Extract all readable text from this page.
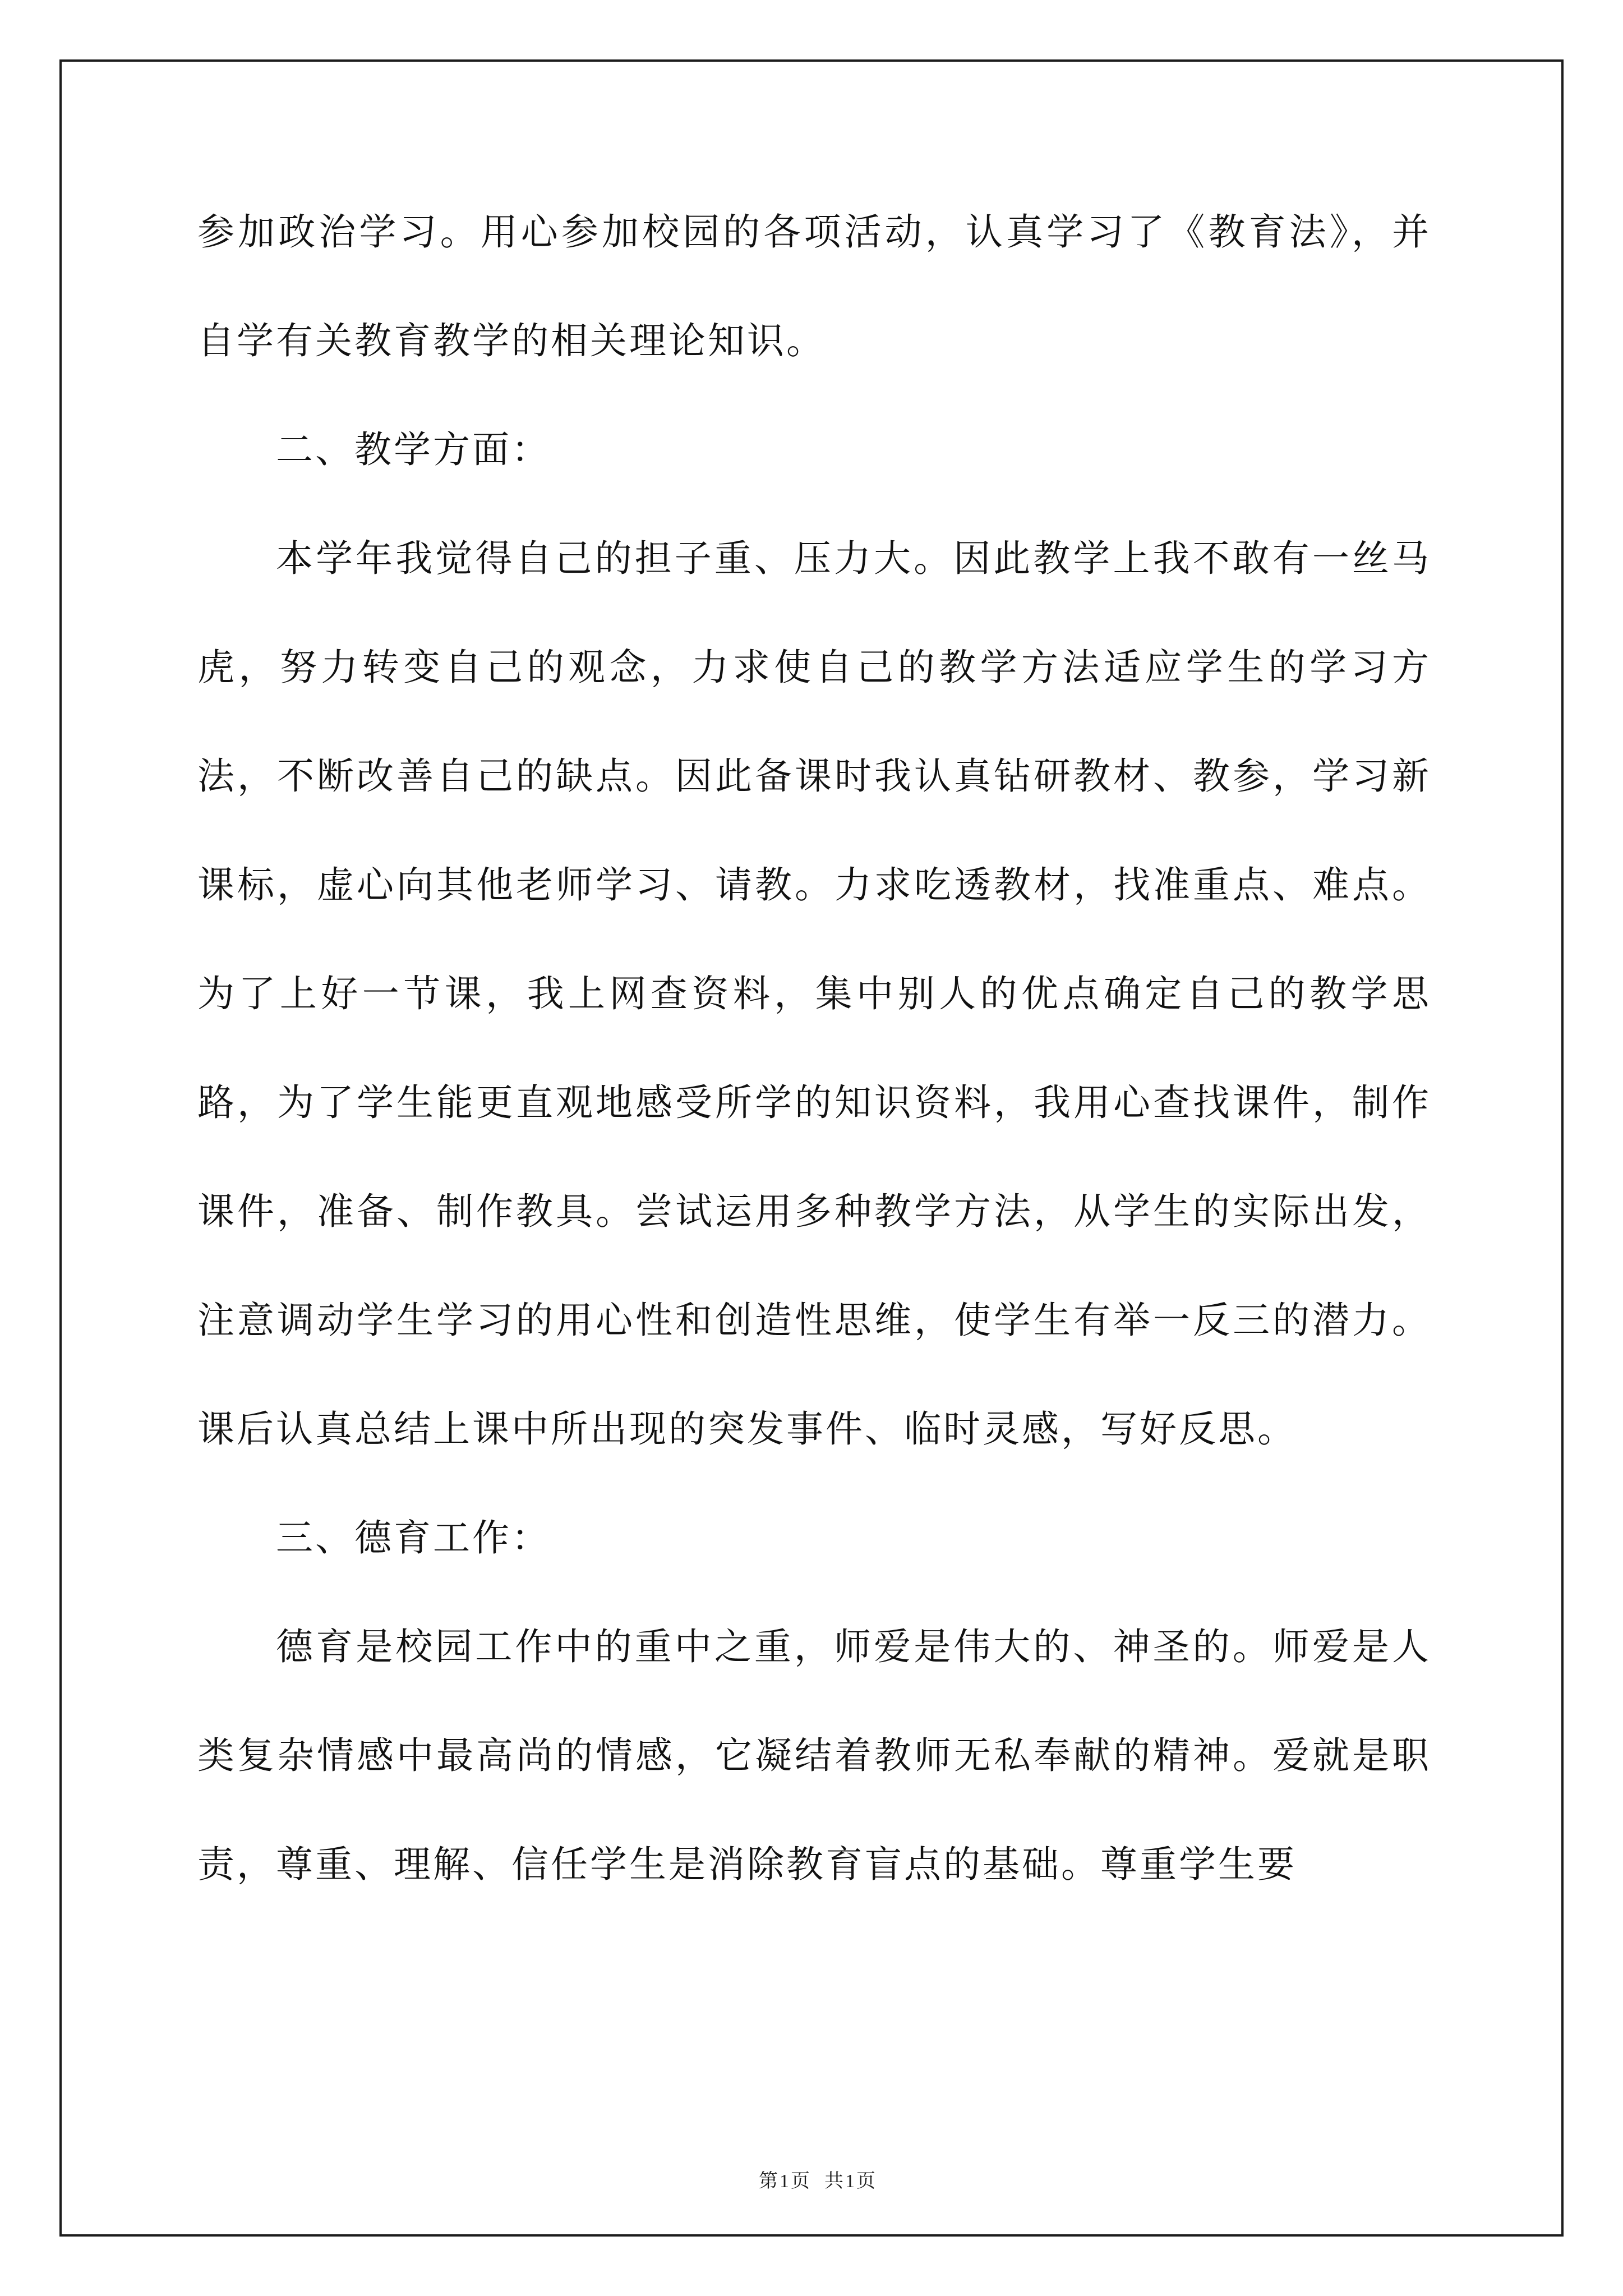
参加政治学习。用心参加校园的各项活动，认真学习了《教育法》，并自学有关教育教学的相关理论知识。

二、教学方面：

本学年我觉得自己的担子重、压力大。因此教学上我不敢有一丝马虎，努力转变自己的观念，力求使自己的教学方法适应学生的学习方法，不断改善自己的缺点。因此备课时我认真钻研教材、教参，学习新课标，虚心向其他老师学习、请教。力求吃透教材，找准重点、难点。为了上好一节课，我上网查资料，集中别人的优点确定自己的教学思路，为了学生能更直观地感受所学的知识资料，我用心查找课件，制作课件，准备、制作教具。尝试运用多种教学方法，从学生的实际出发，注意调动学生学习的用心性和创造性思维，使学生有举一反三的潜力。课后认真总结上课中所出现的突发事件、临时灵感，写好反思。

三、德育工作：

德育是校园工作中的重中之重，师爱是伟大的、神圣的。师爱是人类复杂情感中最高尚的情感，它凝结着教师无私奉献的精神。爱就是职责，尊重、理解、信任学生是消除教育盲点的基础。尊重学生要

第1页  共1页
